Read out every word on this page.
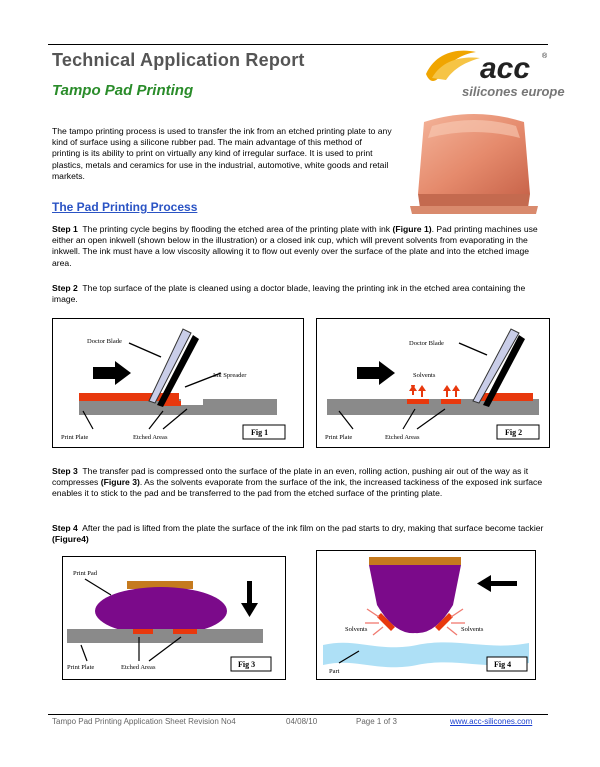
Technical Application Report
Tampo Pad Printing
acc ®
silicones europe
The tampo printing process is used to transfer the ink from an etched printing plate to any kind of surface using a silicone rubber pad. The main advantage of this method of printing is its ability to print on virtually any kind of irregular surface. It is used to print plastics, metals and ceramics for use in the industrial, automotive, white goods and retail markets.
The Pad Printing Process
Step 1 The printing cycle begins by flooding the etched area of the printing plate with ink (Figure 1). Pad printing machines use either an open inkwell (shown below in the illustration) or a closed ink cup, which will prevent solvents from evaporating in the inkwell. The ink must have a low viscosity allowing it to flow out evenly over the surface of the plate and into the etched image area.
Step 2 The top surface of the plate is cleaned using a doctor blade, leaving the printing ink in the etched area containing the image.
Doctor Blade
Ink Spreader
Print Plate	Etched Areas
Fig 1
Doctor Blade
Solvents
Print Plate	Etched Areas
Fig 2
Step 3 The transfer pad is compressed onto the surface of the plate in an even, rolling action, pushing air out of the way as it compresses (Figure 3). As the solvents evaporate from the surface of the ink, the increased tackiness of the exposed ink surface enables it to stick to the pad and be transferred to the pad from the etched surface of the printing plate.
Step 4 After the pad is lifted from the plate the surface of the ink film on the pad starts to dry, making that surface become tackier (Figure4)
Print Pad
Print Plate	Etched Areas	Fig 3
Solvents	Solvents
Part
Fig 4
Tampo Pad Printing Application Sheet Revision No4	04/08/10	Page 1 of 3	www.acc-silicones.com
